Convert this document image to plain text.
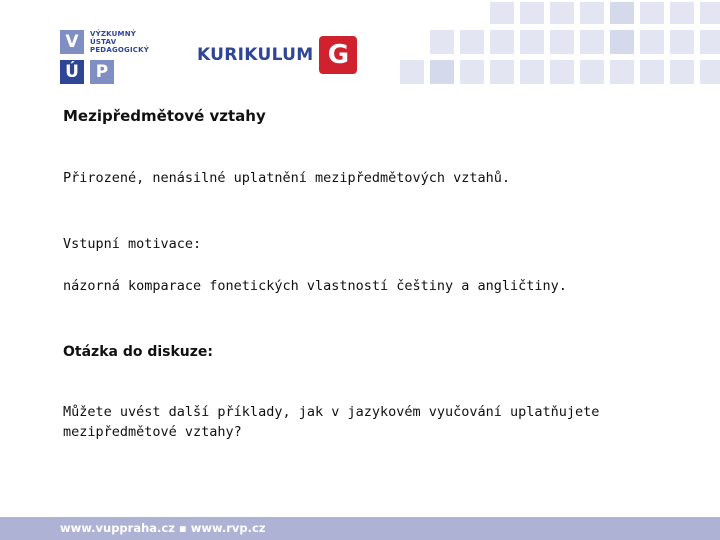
V
Ú P
VÝZKUMNÝ
ÚSTAV
PEDAGOGICKÝ	KURIKULUM G
Mezipředmětové vztahy

Přirozené, nenásilné uplatnění mezipředmětových vztahů.

Vstupní motivace:

názorná komparace fonetických vlastností češtiny a angličtiny.

Otázka do diskuze:

Můžete uvést další příklady, jak v jazykovém vyučování uplatňujete

mezipředmětové vztahy?

www.vuppraha.cz ▪ www.rvp.cz
